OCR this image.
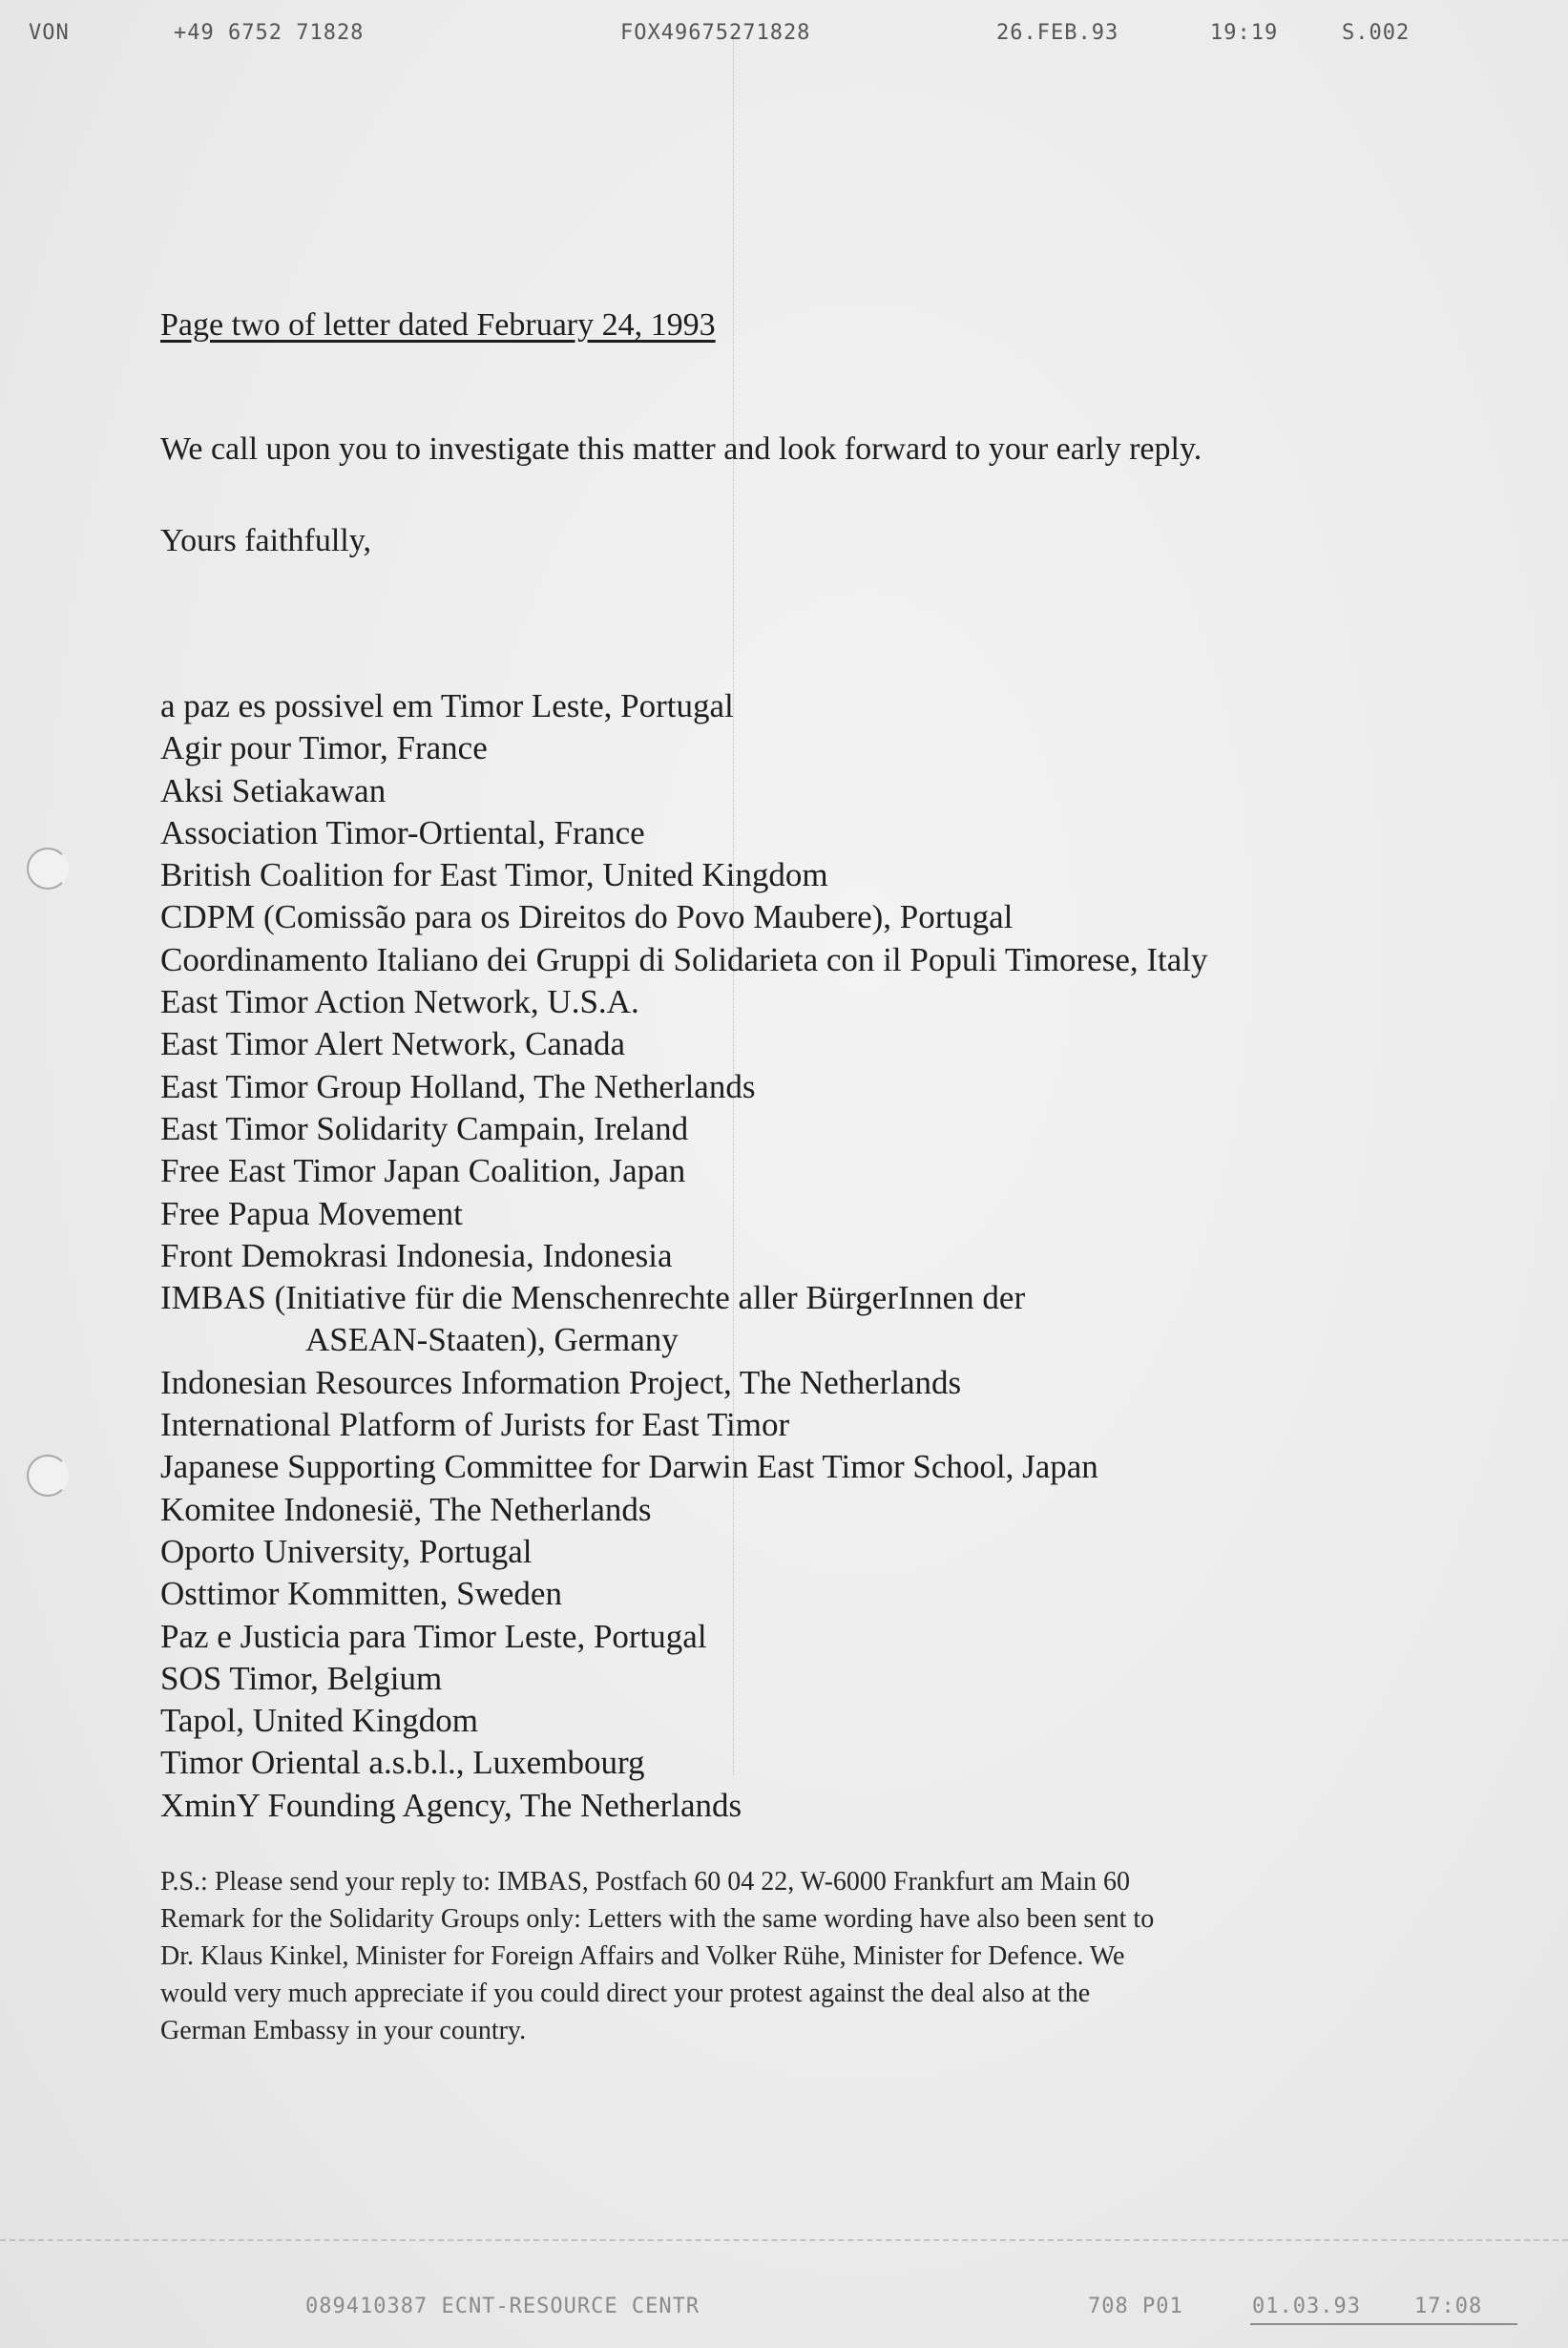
VON	+49 6752 71828	FOX49675271828	26.FEB.93	19:19	S.002
Page two of letter dated February 24, 1993
We call upon you to investigate this matter and look forward to your early reply.
Yours faithfully,
a paz es possivel em Timor Leste, Portugal
Agir pour Timor, France
Aksi Setiakawan
Association Timor-Ortiental, France
British Coalition for East Timor, United Kingdom
CDPM (Comissão para os Direitos do Povo Maubere), Portugal
Coordinamento Italiano dei Gruppi di Solidarieta con il Populi Timorese, Italy
East Timor Action Network, U.S.A.
East Timor Alert Network, Canada
East Timor Group Holland, The Netherlands
East Timor Solidarity Campain, Ireland
Free East Timor Japan Coalition, Japan
Free Papua Movement
Front Demokrasi Indonesia, Indonesia
IMBAS (Initiative für die Menschenrechte aller BürgerInnen der
ASEAN-Staaten), Germany
Indonesian Resources Information Project, The Netherlands
International Platform of Jurists for East Timor
Japanese Supporting Committee for Darwin East Timor School, Japan
Komitee Indonesië, The Netherlands
Oporto University, Portugal
Osttimor Kommitten, Sweden
Paz e Justicia para Timor Leste, Portugal
SOS Timor, Belgium
Tapol, United Kingdom
Timor Oriental a.s.b.l., Luxembourg
XminY Founding Agency, The Netherlands
P.S.: Please send your reply to: IMBAS, Postfach 60 04 22, W-6000 Frankfurt am Main 60
Remark for the Solidarity Groups only: Letters with the same wording have also been sent to
Dr. Klaus Kinkel, Minister for Foreign Affairs and Volker Rühe, Minister for Defence. We
would very much appreciate if you could direct your protest against the deal also at the
German Embassy in your country.
089410387 ECNT-RESOURCE CENTR	708 P01	01.03.93	17:08
